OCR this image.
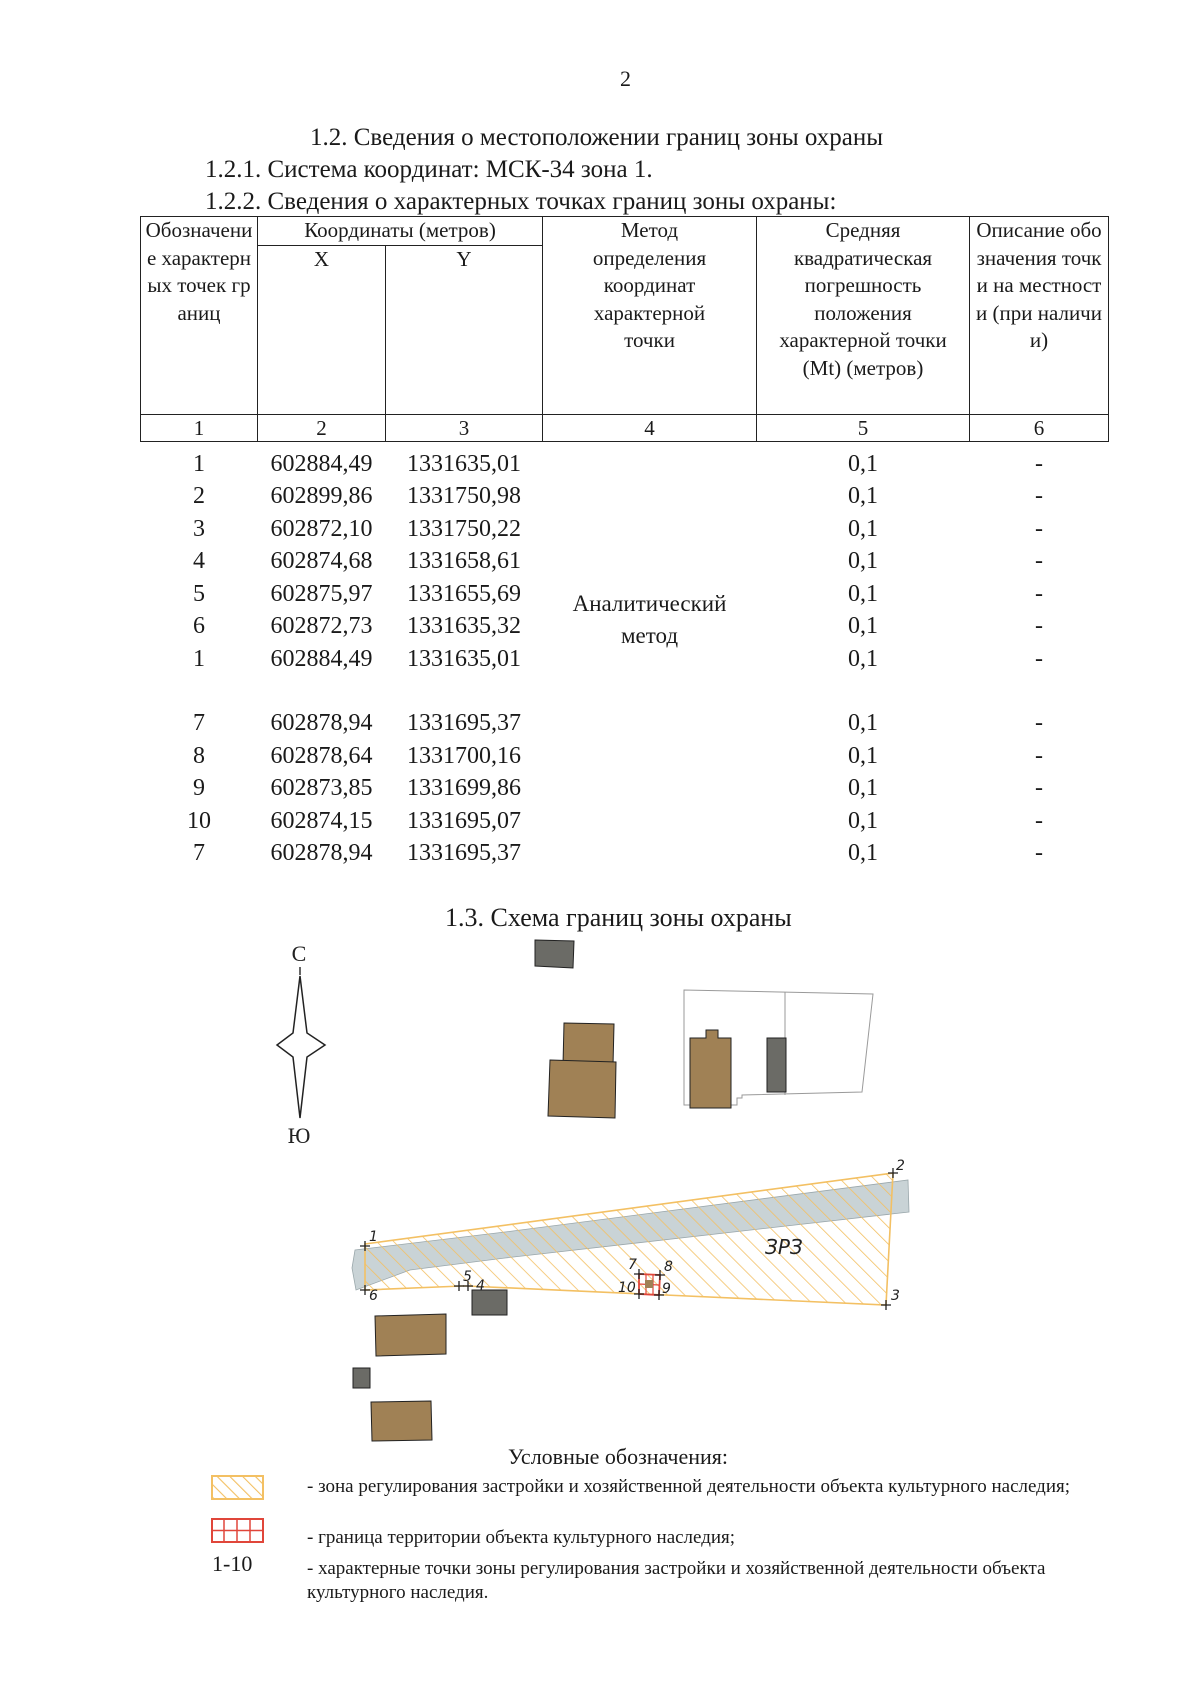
2
1.2. Сведения о местоположении границ зоны охраны
1.2.1. Система координат: МСК-34 зона 1.
1.2.2. Сведения о характерных точках границ зоны охраны:
Обозначение характерных точек границ	Координаты (метров)		Метод определения координат характерной точки	Средняя квадратическая погрешность положения характерной точки (Mt) (метров)	Описание обозначения точки на местности (при наличии)
	X	Y			
1	2	3	4	5	6
1	602884,49	1331635,01	Аналитический метод	0,1	-
2	602899,86	1331750,98		0,1	-
3	602872,10	1331750,22		0,1	-
4	602874,68	1331658,61		0,1	-
5	602875,97	1331655,69		0,1	-
6	602872,73	1331635,32		0,1	-
1	602884,49	1331635,01		0,1	-

7	602878,94	1331695,37		0,1	-
8	602878,64	1331700,16		0,1	-
9	602873,85	1331699,86		0,1	-
10	602874,15	1331695,07		0,1	-
7	602878,94	1331695,37		0,1	-
1.3. Схема границ зоны охраны
С
Ю
ЗРЗ
1
2
3
4
5
6
7 8
9
10
Условные обозначения:
- зона регулирования застройки и хозяйственной деятельности объекта культурного наследия;
- граница территории объекта культурного наследия;
1-10	- характерные точки зоны регулирования застройки и хозяйственной деятельности объекта культурного наследия.
